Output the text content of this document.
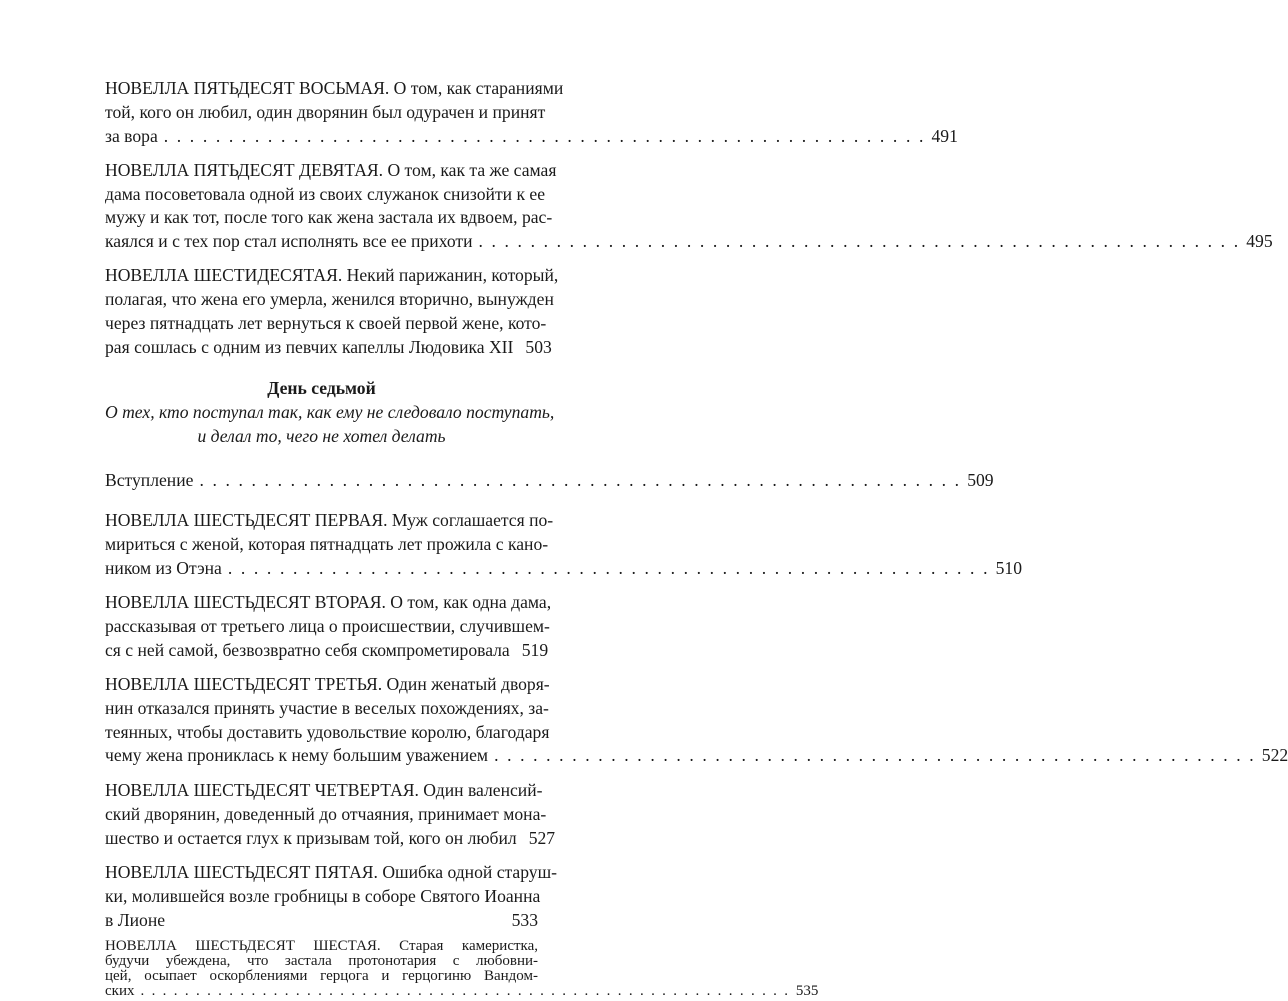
НОВЕЛЛА ПЯТЬДЕСЯТ ВОСЬМАЯ. О том, как стараниями
той, кого он любил, один дворянин был одурачен и принят
за вора . . . . . . . . . . . . . . . . . . . . . . . . . . . . . . . . . . . . . . . . . . . . . . . . . . . . . . . . . . . 491
НОВЕЛЛА ПЯТЬДЕСЯТ ДЕВЯТАЯ. О том, как та же самая
дама посоветовала одной из своих служанок снизойти к ее
мужу и как тот, после того как жена застала их вдвоем, рас-
каялся и с тех пор стал исполнять все ее прихоти . . . . . . . . . . . . . . . . . . . . . . . . . . . . . . . . . . . . . . . . . . . . . . . . . . . . . . . . . . . 495
НОВЕЛЛА ШЕСТИДЕСЯТАЯ. Некий парижанин, который,
полагая, что жена его умерла, женился вторично, вынужден
через пятнадцать лет вернуться к своей первой жене, кото-
рая сошлась с одним из певчих капеллы Людовика XII 503
День седьмой
О тех, кто поступал так, как ему не следовало поступать,
и делал то, чего не хотел делать
Вступление . . . . . . . . . . . . . . . . . . . . . . . . . . . . . . . . . . . . . . . . . . . . . . . . . . . . . . . . . . . 509
НОВЕЛЛА ШЕСТЬДЕСЯТ ПЕРВАЯ. Муж соглашается по-
мириться с женой, которая пятнадцать лет прожила с кано-
ником из Отэна . . . . . . . . . . . . . . . . . . . . . . . . . . . . . . . . . . . . . . . . . . . . . . . . . . . . . . . . . . . 510
НОВЕЛЛА ШЕСТЬДЕСЯТ ВТОРАЯ. О том, как одна дама,
рассказывая от третьего лица о происшествии, случившем-
ся с ней самой, безвозвратно себя скомпрометировала 519
НОВЕЛЛА ШЕСТЬДЕСЯТ ТРЕТЬЯ. Один женатый дворя-
нин отказался принять участие в веселых похождениях, за-
теянных, чтобы доставить удовольствие королю, благодаря
чему жена прониклась к нему большим уважением . . . . . . . . . . . . . . . . . . . . . . . . . . . . . . . . . . . . . . . . . . . . . . . . . . . . . . . . . . . 522
НОВЕЛЛА ШЕСТЬДЕСЯТ ЧЕТВЕРТАЯ. Один валенсий-
ский дворянин, доведенный до отчаяния, принимает мона-
шество и остается глух к призывам той, кого он любил 527
НОВЕЛЛА ШЕСТЬДЕСЯТ ПЯТАЯ. Ошибка одной старуш-
ки, молившейся возле гробницы в соборе Святого Иоанна
в Лионе	533
НОВЕЛЛА ШЕСТЬДЕСЯТ ШЕСТАЯ. Старая камеристка,
будучи убеждена, что застала протонотария с любовни-
цей, осыпает оскорблениями герцога и герцогиню Вандом-
ских . . . . . . . . . . . . . . . . . . . . . . . . . . . . . . . . . . . . . . . . . . . . . . . . . . . . . . . . . . . 535
